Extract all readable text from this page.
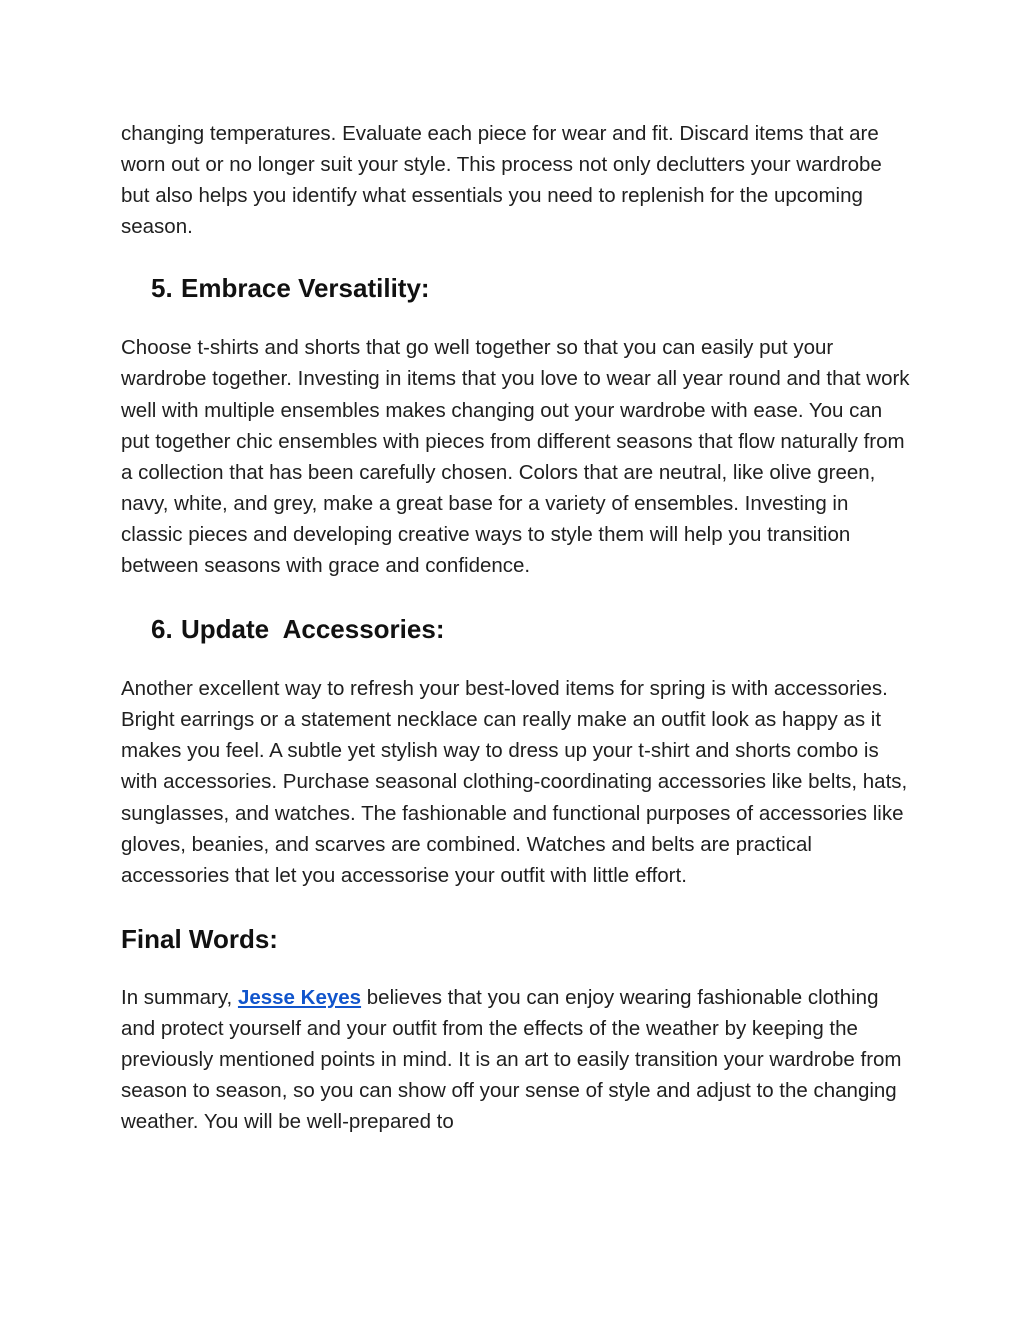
changing temperatures. Evaluate each piece for wear and fit. Discard items that are worn out or no longer suit your style. This process not only declutters your wardrobe but also helps you identify what essentials you need to replenish for the upcoming season.

5. Embrace Versatility:

Choose t-shirts and shorts that go well together so that you can easily put your wardrobe together. Investing in items that you love to wear all year round and that work well with multiple ensembles makes changing out your wardrobe with ease. You can put together chic ensembles with pieces from different seasons that flow naturally from a collection that has been carefully chosen. Colors that are neutral, like olive green, navy, white, and grey, make a great base for a variety of ensembles. Investing in classic pieces and developing creative ways to style them will help you transition between seasons with grace and confidence.

6. Update  Accessories:

Another excellent way to refresh your best-loved items for spring is with accessories. Bright earrings or a statement necklace can really make an outfit look as happy as it makes you feel. A subtle yet stylish way to dress up your t-shirt and shorts combo is with accessories. Purchase seasonal clothing-coordinating accessories like belts, hats, sunglasses, and watches. The fashionable and functional purposes of accessories like gloves, beanies, and scarves are combined. Watches and belts are practical accessories that let you accessorise your outfit with little effort.

Final Words:

In summary, Jesse Keyes believes that you can enjoy wearing fashionable clothing and protect yourself and your outfit from the effects of the weather by keeping the previously mentioned points in mind. It is an art to easily transition your wardrobe from season to season, so you can show off your sense of style and adjust to the changing weather. You will be well-prepared to
